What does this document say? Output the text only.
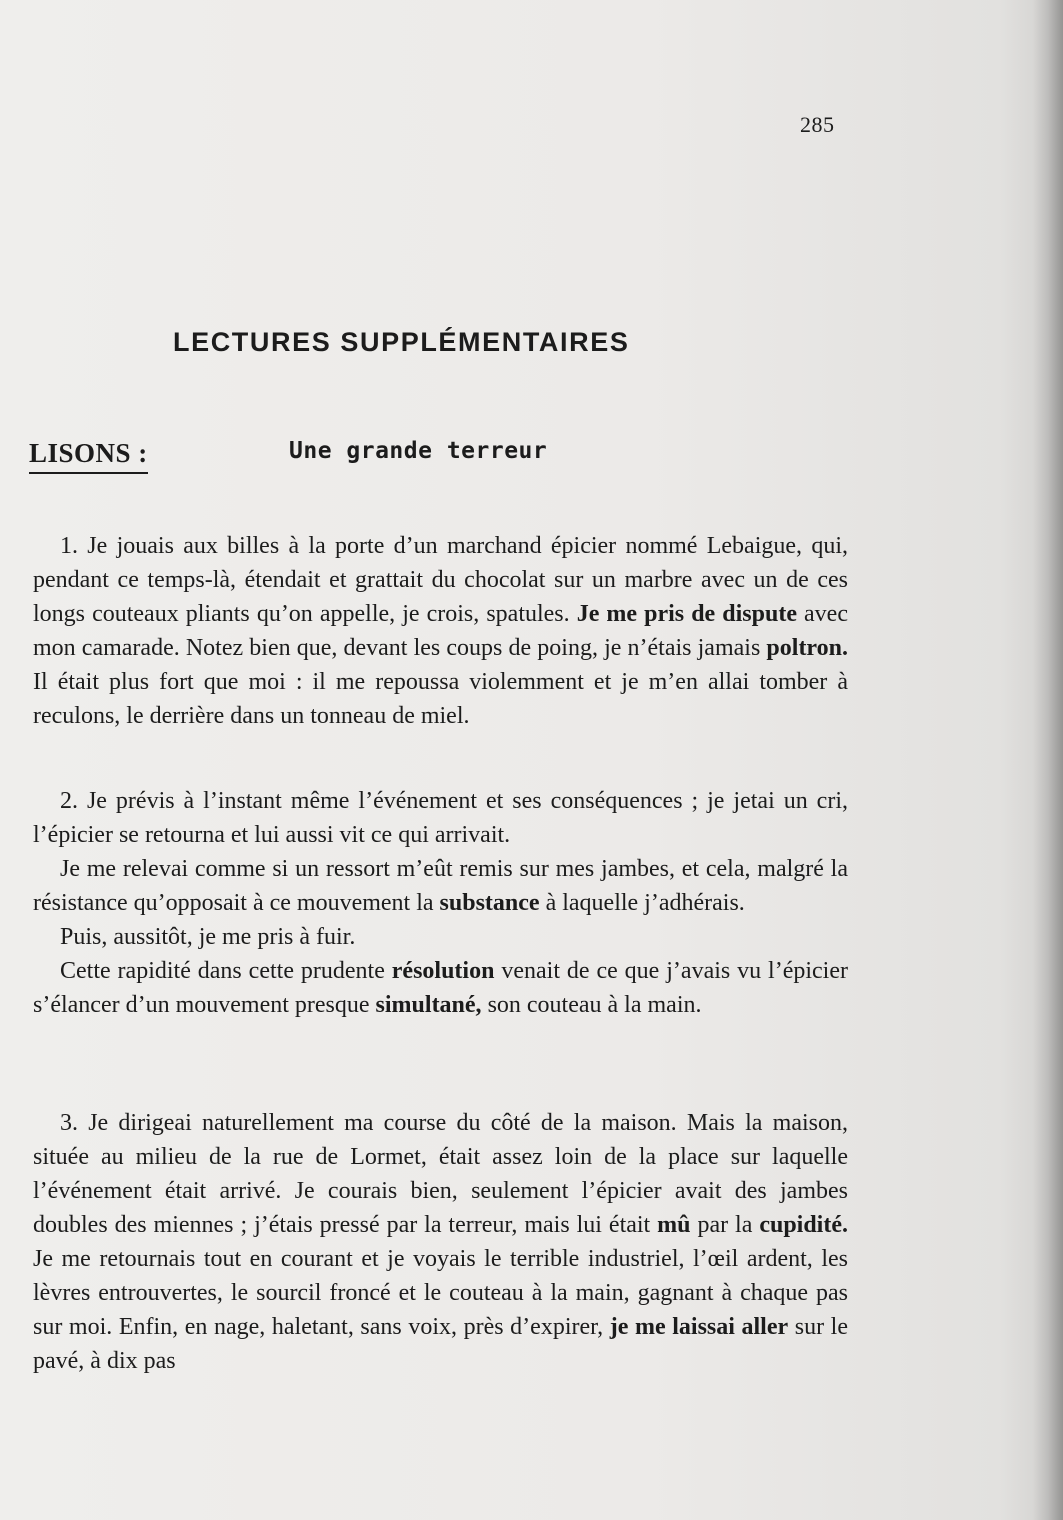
285
LECTURES SUPPLÉMENTAIRES
LISONS :	Une grande terreur

1. Je jouais aux billes à la porte d’un marchand épicier nommé Lebaigue, qui, pendant ce temps-là, étendait et grattait du chocolat sur un marbre avec un de ces longs couteaux pliants qu’on appelle, je crois, spatules. Je me pris de dispute avec mon camarade. Notez bien que, devant les coups de poing, je n’étais jamais poltron. Il était plus fort que moi : il me repoussa violemment et je m’en allai tomber à reculons, le derrière dans un tonneau de miel.

2. Je prévis à l’instant même l’événement et ses conséquences ; je jetai un cri, l’épicier se retourna et lui aussi vit ce qui arrivait.

Je me relevai comme si un ressort m’eût remis sur mes jambes, et cela, malgré la résistance qu’opposait à ce mouvement la substance à laquelle j’adhérais.

Puis, aussitôt, je me pris à fuir.

Cette rapidité dans cette prudente résolution venait de ce que j’avais vu l’épicier s’élancer d’un mouvement presque simultané, son couteau à la main.

3. Je dirigeai naturellement ma course du côté de la maison. Mais la maison, située au milieu de la rue de Lormet, était assez loin de la place sur laquelle l’événement était arrivé. Je courais bien, seulement l’épicier avait des jambes doubles des miennes ; j’étais pressé par la terreur, mais lui était mû par la cupidité. Je me retournais tout en courant et je voyais le terrible industriel, l’œil ardent, les lèvres entrouvertes, le sourcil froncé et le couteau à la main, gagnant à chaque pas sur moi. Enfin, en nage, haletant, sans voix, près d’expirer, je me laissai aller sur le pavé, à dix pas
